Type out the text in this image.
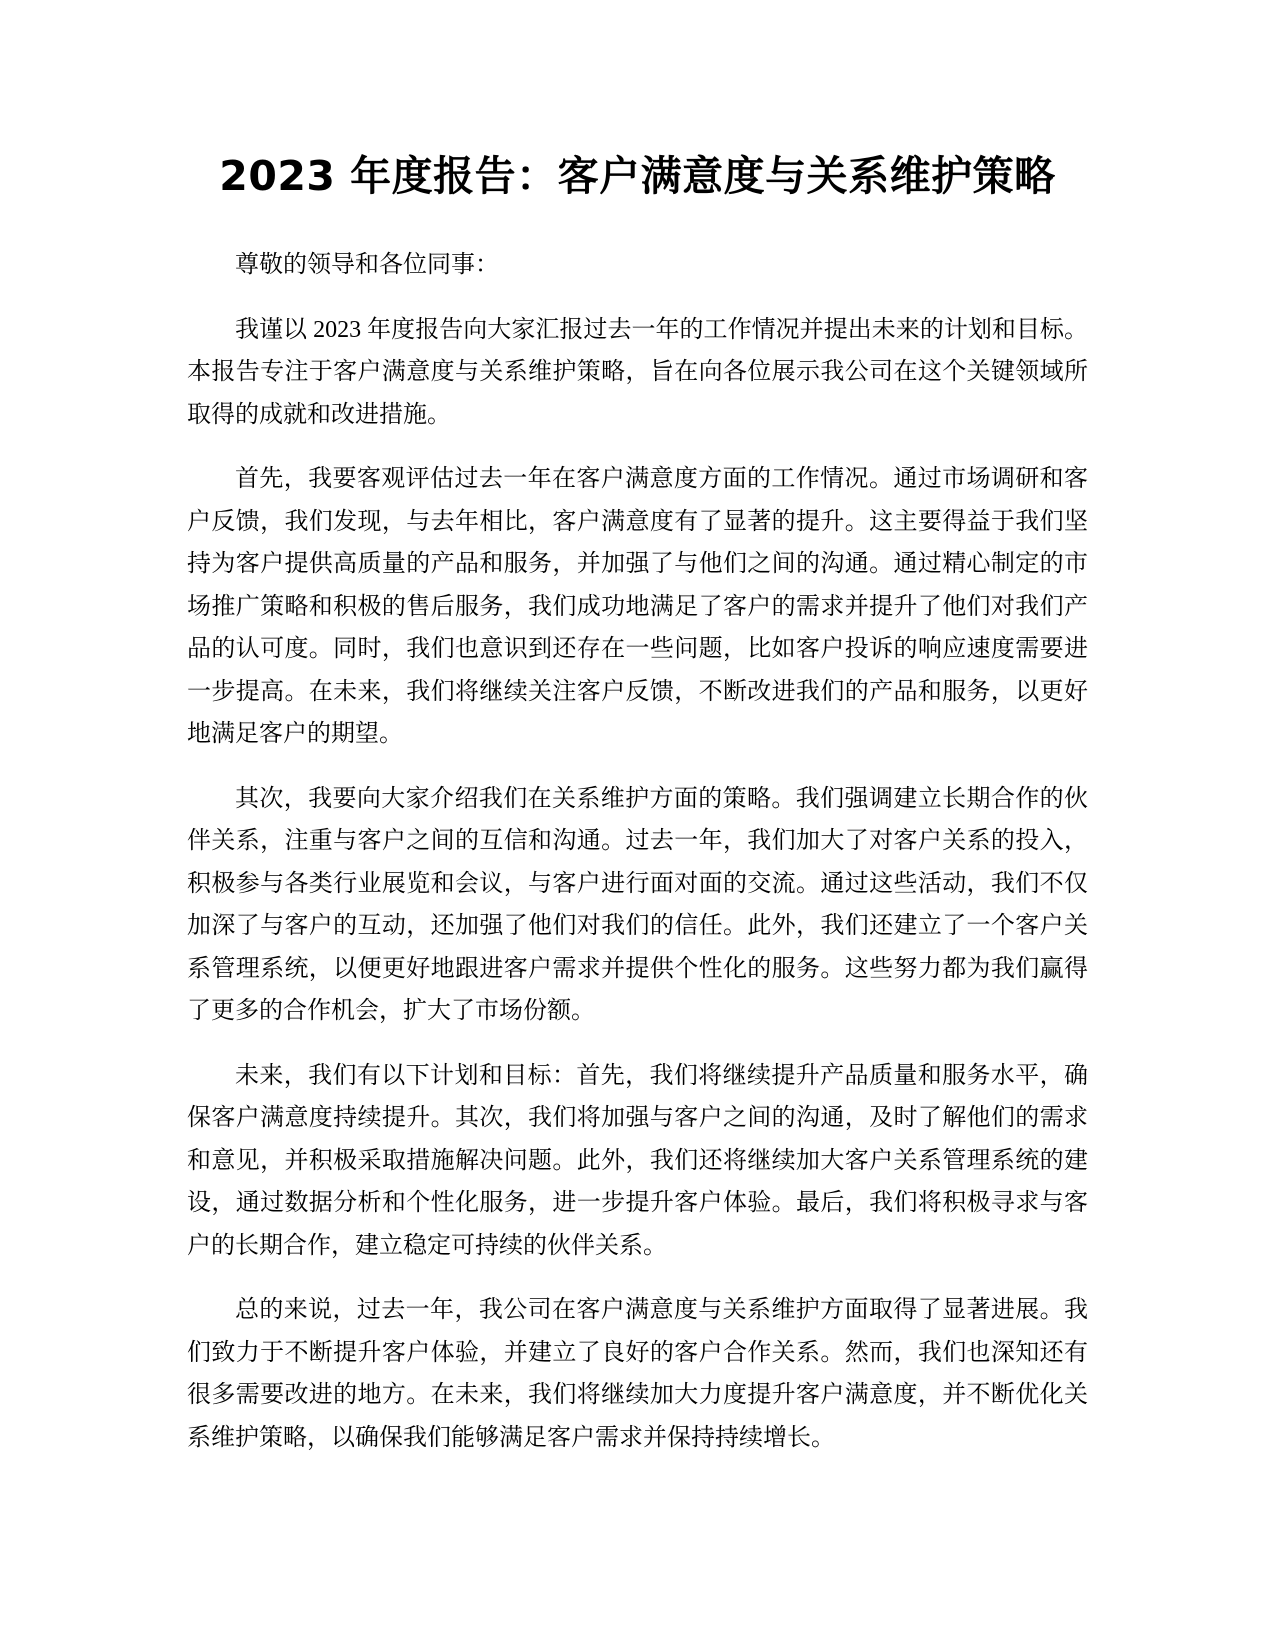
2023 年度报告：客户满意度与关系维护策略

尊敬的领导和各位同事：

我谨以 2023 年度报告向大家汇报过去一年的工作情况并提出未来的计划和目标。本报告专注于客户满意度与关系维护策略，旨在向各位展示我公司在这个关键领域所取得的成就和改进措施。

首先，我要客观评估过去一年在客户满意度方面的工作情况。通过市场调研和客户反馈，我们发现，与去年相比，客户满意度有了显著的提升。这主要得益于我们坚持为客户提供高质量的产品和服务，并加强了与他们之间的沟通。通过精心制定的市场推广策略和积极的售后服务，我们成功地满足了客户的需求并提升了他们对我们产品的认可度。同时，我们也意识到还存在一些问题，比如客户投诉的响应速度需要进一步提高。在未来，我们将继续关注客户反馈，不断改进我们的产品和服务，以更好地满足客户的期望。

其次，我要向大家介绍我们在关系维护方面的策略。我们强调建立长期合作的伙伴关系，注重与客户之间的互信和沟通。过去一年，我们加大了对客户关系的投入，积极参与各类行业展览和会议，与客户进行面对面的交流。通过这些活动，我们不仅加深了与客户的互动，还加强了他们对我们的信任。此外，我们还建立了一个客户关系管理系统，以便更好地跟进客户需求并提供个性化的服务。这些努力都为我们赢得了更多的合作机会，扩大了市场份额。

未来，我们有以下计划和目标：首先，我们将继续提升产品质量和服务水平，确保客户满意度持续提升。其次，我们将加强与客户之间的沟通，及时了解他们的需求和意见，并积极采取措施解决问题。此外，我们还将继续加大客户关系管理系统的建设，通过数据分析和个性化服务，进一步提升客户体验。最后，我们将积极寻求与客户的长期合作，建立稳定可持续的伙伴关系。

总的来说，过去一年，我公司在客户满意度与关系维护方面取得了显著进展。我们致力于不断提升客户体验，并建立了良好的客户合作关系。然而，我们也深知还有很多需要改进的地方。在未来，我们将继续加大力度提升客户满意度，并不断优化关系维护策略，以确保我们能够满足客户需求并保持持续增长。
